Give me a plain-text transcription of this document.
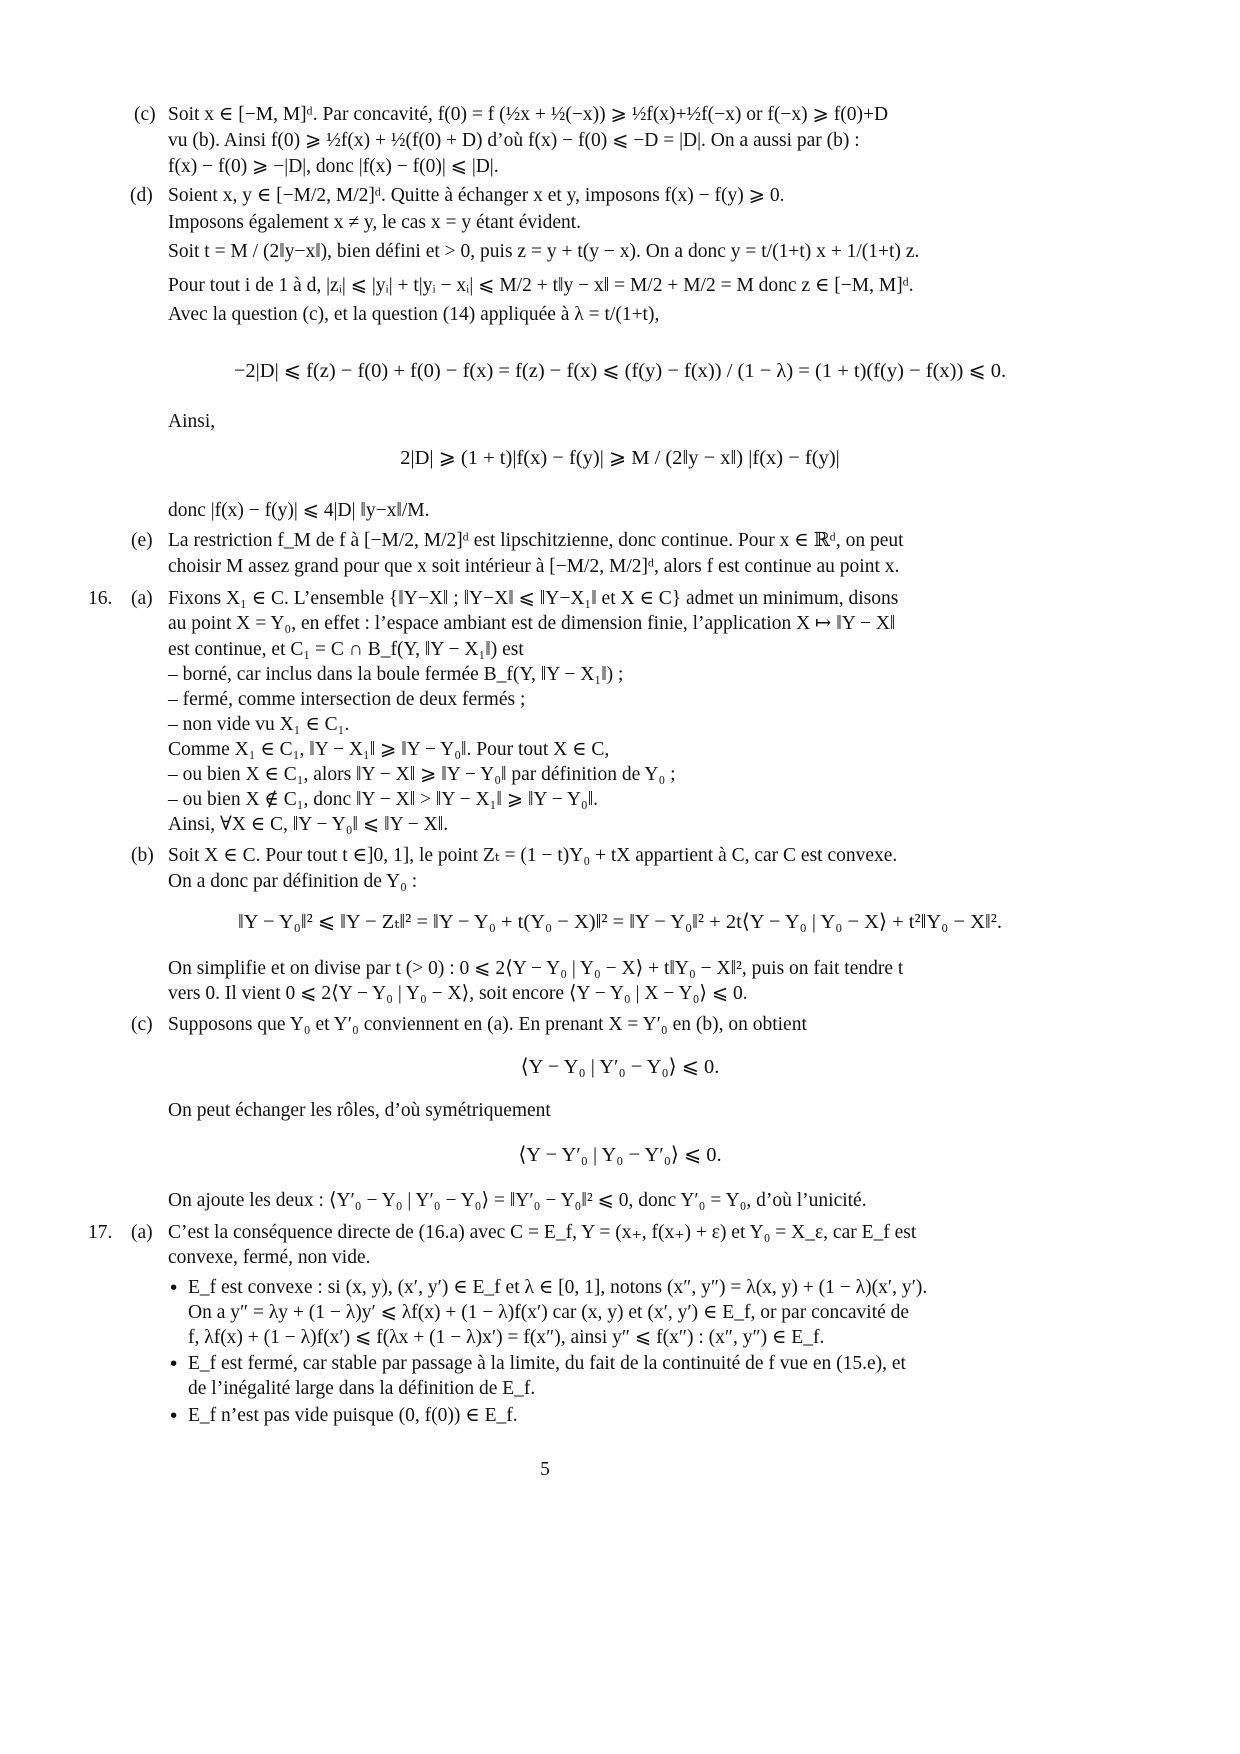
(c) Soit x ∈ [−M, M]ᵈ. Par concavité, f(0) = f (½x + ½(−x)) ⩾ ½f(x)+½f(−x) or f(−x) ⩾ f(0)+D
vu (b). Ainsi f(0) ⩾ ½f(x) + ½(f(0) + D) d’où f(x) − f(0) ⩽ −D = |D|. On a aussi par (b) :
f(x) − f(0) ⩾ −|D|, donc |f(x) − f(0)| ⩽ |D|.
(d) Soient x, y ∈ [−M/2, M/2]ᵈ. Quitte à échanger x et y, imposons f(x) − f(y) ⩾ 0.
Imposons également x ≠ y, le cas x = y étant évident.
Soit t = M / (2‖y−x‖), bien défini et > 0, puis z = y + t(y − x). On a donc y = t/(1+t) x + 1/(1+t) z.
Pour tout i de 1 à d, |zᵢ| ⩽ |yᵢ| + t|yᵢ − xᵢ| ⩽ M/2 + t‖y − x‖ = M/2 + M/2 = M donc z ∈ [−M, M]ᵈ.
Avec la question (c), et la question (14) appliquée à λ = t/(1+t),
−2|D| ⩽ f(z) − f(0) + f(0) − f(x) = f(z) − f(x) ⩽ (f(y) − f(x)) / (1 − λ) = (1 + t)(f(y) − f(x)) ⩽ 0.
Ainsi,
2|D| ⩾ (1 + t)|f(x) − f(y)| ⩾ M / (2‖y − x‖) |f(x) − f(y)|
donc |f(x) − f(y)| ⩽ 4|D| ‖y−x‖/M.
(e) La restriction f_M de f à [−M/2, M/2]ᵈ est lipschitzienne, donc continue. Pour x ∈ ℝᵈ, on peut
choisir M assez grand pour que x soit intérieur à [−M/2, M/2]ᵈ, alors f est continue au point x.
16. (a) Fixons X₁ ∈ C. L’ensemble {‖Y−X‖ ; ‖Y−X‖ ⩽ ‖Y−X₁‖ et X ∈ C} admet un minimum, disons
au point X = Y₀, en effet : l’espace ambiant est de dimension finie, l’application X ↦ ‖Y − X‖
est continue, et C₁ = C ∩ B_f(Y, ‖Y − X₁‖) est
– borné, car inclus dans la boule fermée B_f(Y, ‖Y − X₁‖) ;
– fermé, comme intersection de deux fermés ;
– non vide vu X₁ ∈ C₁.
Comme X₁ ∈ C₁, ‖Y − X₁‖ ⩾ ‖Y − Y₀‖. Pour tout X ∈ C,
– ou bien X ∈ C₁, alors ‖Y − X‖ ⩾ ‖Y − Y₀‖ par définition de Y₀ ;
– ou bien X ∉ C₁, donc ‖Y − X‖ > ‖Y − X₁‖ ⩾ ‖Y − Y₀‖.
Ainsi, ∀X ∈ C, ‖Y − Y₀‖ ⩽ ‖Y − X‖.
(b) Soit X ∈ C. Pour tout t ∈]0, 1], le point Zₜ = (1 − t)Y₀ + tX appartient à C, car C est convexe.
On a donc par définition de Y₀ :
‖Y − Y₀‖² ⩽ ‖Y − Zₜ‖² = ‖Y − Y₀ + t(Y₀ − X)‖² = ‖Y − Y₀‖² + 2t⟨Y − Y₀ | Y₀ − X⟩ + t²‖Y₀ − X‖².
On simplifie et on divise par t (> 0) : 0 ⩽ 2⟨Y − Y₀ | Y₀ − X⟩ + t‖Y₀ − X‖², puis on fait tendre t
vers 0. Il vient 0 ⩽ 2⟨Y − Y₀ | Y₀ − X⟩, soit encore ⟨Y − Y₀ | X − Y₀⟩ ⩽ 0.
(c) Supposons que Y₀ et Y′₀ conviennent en (a). En prenant X = Y′₀ en (b), on obtient
⟨Y − Y₀ | Y′₀ − Y₀⟩ ⩽ 0.
On peut échanger les rôles, d’où symétriquement
⟨Y − Y′₀ | Y₀ − Y′₀⟩ ⩽ 0.
On ajoute les deux : ⟨Y′₀ − Y₀ | Y′₀ − Y₀⟩ = ‖Y′₀ − Y₀‖² ⩽ 0, donc Y′₀ = Y₀, d’où l’unicité.
17. (a) C’est la conséquence directe de (16.a) avec C = E_f, Y = (x₊, f(x₊) + ε) et Y₀ = X_ε, car E_f est
convexe, fermé, non vide.
• E_f est convexe : si (x, y), (x′, y′) ∈ E_f et λ ∈ [0, 1], notons (x″, y″) = λ(x, y) + (1 − λ)(x′, y′).
On a y″ = λy + (1 − λ)y′ ⩽ λf(x) + (1 − λ)f(x′) car (x, y) et (x′, y′) ∈ E_f, or par concavité de
f, λf(x) + (1 − λ)f(x′) ⩽ f(λx + (1 − λ)x′) = f(x″), ainsi y″ ⩽ f(x″) : (x″, y″) ∈ E_f.
• E_f est fermé, car stable par passage à la limite, du fait de la continuité de f vue en (15.e), et
de l’inégalité large dans la définition de E_f.
• E_f n’est pas vide puisque (0, f(0)) ∈ E_f.
5
